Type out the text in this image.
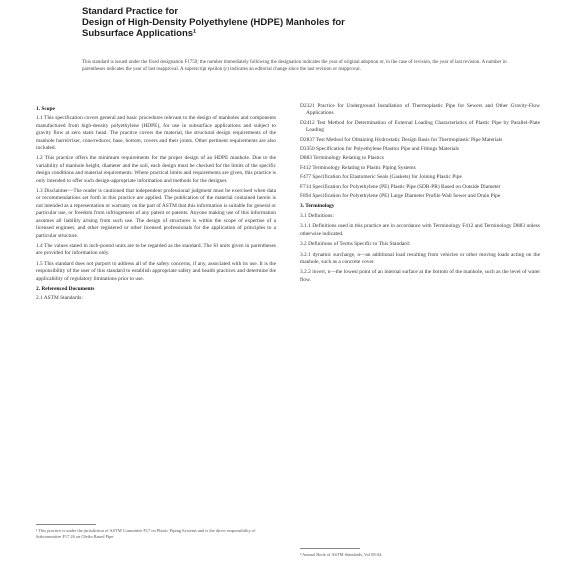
Standard Practice for
Design of High-Density Polyethylene (HDPE) Manholes for
Subsurface Applications¹
This standard is issued under the fixed designation F1759; the number immediately following the designation indicates the year of original adoption or, in the case of revision, the year of last revision. A number in parentheses indicates the year of last reapproval. A superscript epsilon (ε) indicates an editorial change since the last revision or reapproval.
1. Scope

1.1 This specification covers general and basic procedures relevant to the design of manholes and components manufactured from high-density polyethylene (HDPE), for use in subsurface applications and subject to gravity flow at zero static head. The practice covers the material, the structural design requirements of the manhole barrel/riser, cone/reducer, base, bottom, covers and their joints. Other pertinent requirements are also included.

1.2 This practice offers the minimum requirements for the proper design of an HDPE manhole. Due to the variability of manhole height, diameter and the soil, each design must be checked for the limits of the specific design conditions and material requirements. Where practical limits and requirements are given, this practice is only intended to offer such design-appropriate information and methods for the designer.

1.3 Disclaimer—The reader is cautioned that independent professional judgment must be exercised when data or recommendations set forth in this practice are applied. The publication of the material contained herein is not intended as a representation or warranty on the part of ASTM that this information is suitable for general or particular use, or freedom from infringement of any patent or patents. Anyone making use of this information assumes all liability arising from such use. The design of structures is within the scope of expertise of a licensed engineer, and other registered or other licensed professionals for the application of principles to a particular structure.

1.4 The values stated in inch-pound units are to be regarded as the standard. The SI units given in parentheses are provided for information only.

1.5 This standard does not purport to address all of the safety concerns, if any, associated with its use. It is the responsibility of the user of this standard to establish appropriate safety and health practices and determine the applicability of regulatory limitations prior to use.

2. Referenced Documents

2.1 ASTM Standards:

D2321 Practice for Underground Installation of Thermoplastic Pipe for Sewers and Other Gravity-Flow Applications
D2412 Test Method for Determination of External Loading Characteristics of Plastic Pipe by Parallel-Plate Loading
D2837 Test Method for Obtaining Hydrostatic Design Basis for Thermoplastic Pipe Materials
D3350 Specification for Polyethylene Plastics Pipe and Fittings Materials
D883 Terminology Relating to Plastics
F412 Terminology Relating to Plastic Piping Systems
F477 Specification for Elastomeric Seals (Gaskets) for Joining Plastic Pipe
F714 Specification for Polyethylene (PE) Plastic Pipe (SDR-PR) Based on Outside Diameter
F894 Specification for Polyethylene (PE) Large Diameter Profile Wall Sewer and Drain Pipe
3. Terminology

3.1 Definitions:

3.1.1 Definitions used in this practice are in accordance with Terminology F412 and Terminology D883 unless otherwise indicated.

3.2 Definitions of Terms Specific to This Standard:

3.2.1 dynamic surcharge, n—an additional load resulting from vehicles or other moving loads acting on the manhole, such as a concrete cover.

3.2.2 invert, n—the lowest point of an internal surface at the bottom of the manhole, such as the level of water flow.

¹ This practice is under the jurisdiction of ASTM Committee F17 on Plastic Piping Systems and is the direct responsibility of Subcommittee F17.26 on Olefin Based Pipe.
² Annual Book of ASTM Standards, Vol 08.04.
